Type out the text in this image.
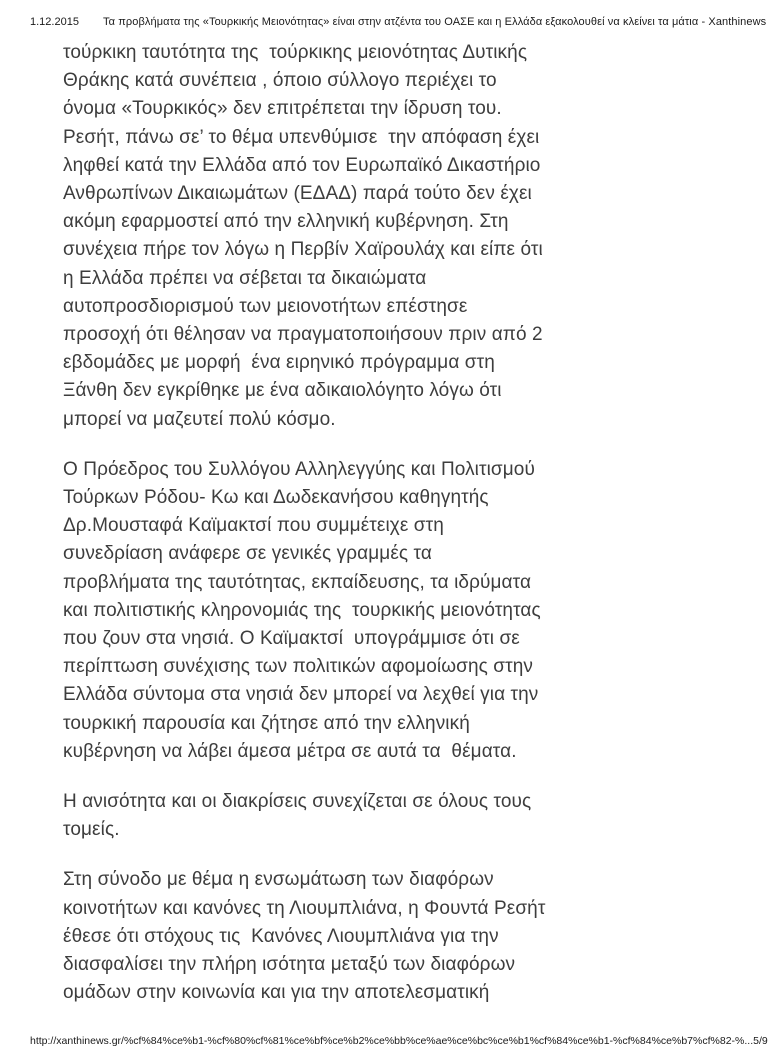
1.12.2015 Τα προβλήματα της «Τουρκικής Μειονότητας» είναι στην ατζέντα του ΟΑΣΕ και η Ελλάδα εξακολουθεί να κλείνει τα μάτια - Xanthinews
τούρκικη ταυτότητα της  τούρκικης μειονότητας Δυτικής
Θράκης κατά συνέπεια , όποιο σύλλογο περιέχει το
όνομα «Τουρκικός» δεν επιτρέπεται την ίδρυση του.
Ρεσήτ, πάνω σε’ το θέμα υπενθύμισε  την απόφαση έχει
ληφθεί κατά την Ελλάδα από τον Ευρωπαϊκό Δικαστήριο
Ανθρωπίνων Δικαιωμάτων (ΕΔΑΔ) παρά τούτο δεν έχει
ακόμη εφαρμοστεί από την ελληνική κυβέρνηση. Στη
συνέχεια πήρε τον λόγω η Περβίν Χαϊρουλάχ και είπε ότι
η Ελλάδα πρέπει να σέβεται τα δικαιώματα
αυτοπροσδιορισμού των μειονοτήτων επέστησε
προσοχή ότι θέλησαν να πραγματοποιήσουν πριν από 2
εβδομάδες με μορφή  ένα ειρηνικό πρόγραμμα στη
Ξάνθη δεν εγκρίθηκε με ένα αδικαιολόγητο λόγω ότι
μπορεί να μαζευτεί πολύ κόσμο.
Ο Πρόεδρος του Συλλόγου Αλληλεγγύης και Πολιτισμού
Τούρκων Ρόδου- Κω και Δωδεκανήσου καθηγητής
Δρ.Μουσταφά Καϊμακτσί που συμμέτειχε στη
συνεδρίαση ανάφερε σε γενικές γραμμές τα
προβλήματα της ταυτότητας, εκπαίδευσης, τα ιδρύματα
και πολιτιστικής κληρονομιάς της  τουρκικής μειονότητας
που ζουν στα νησιά. Ο Καϊμακτσί  υπογράμμισε ότι σε
περίπτωση συνέχισης των πολιτικών αφομοίωσης στην
Ελλάδα σύντομα στα νησιά δεν μπορεί να λεχθεί για την
τουρκική παρουσία και ζήτησε από την ελληνική
κυβέρνηση να λάβει άμεσα μέτρα σε αυτά τα  θέματα.
Η ανισότητα και οι διακρίσεις συνεχίζεται σε όλους τους
τομείς.
Στη σύνοδο με θέμα η ενσωμάτωση των διαφόρων
κοινοτήτων και κανόνες τη Λιουμπλιάνα, η Φουντά Ρεσήτ
έθεσε ότι στόχους τις  Κανόνες Λιουμπλιάνα για την
διασφαλίσει την πλήρη ισότητα μεταξύ των διαφόρων
ομάδων στην κοινωνία και για την αποτελεσματική
http://xanthinews.gr/%cf%84%ce%b1-%cf%80%cf%81%ce%bf%ce%b2%ce%bb%ce%ae%ce%bc%ce%b1%cf%84%ce%b1-%cf%84%ce%b7%cf%82-%... 5/9
